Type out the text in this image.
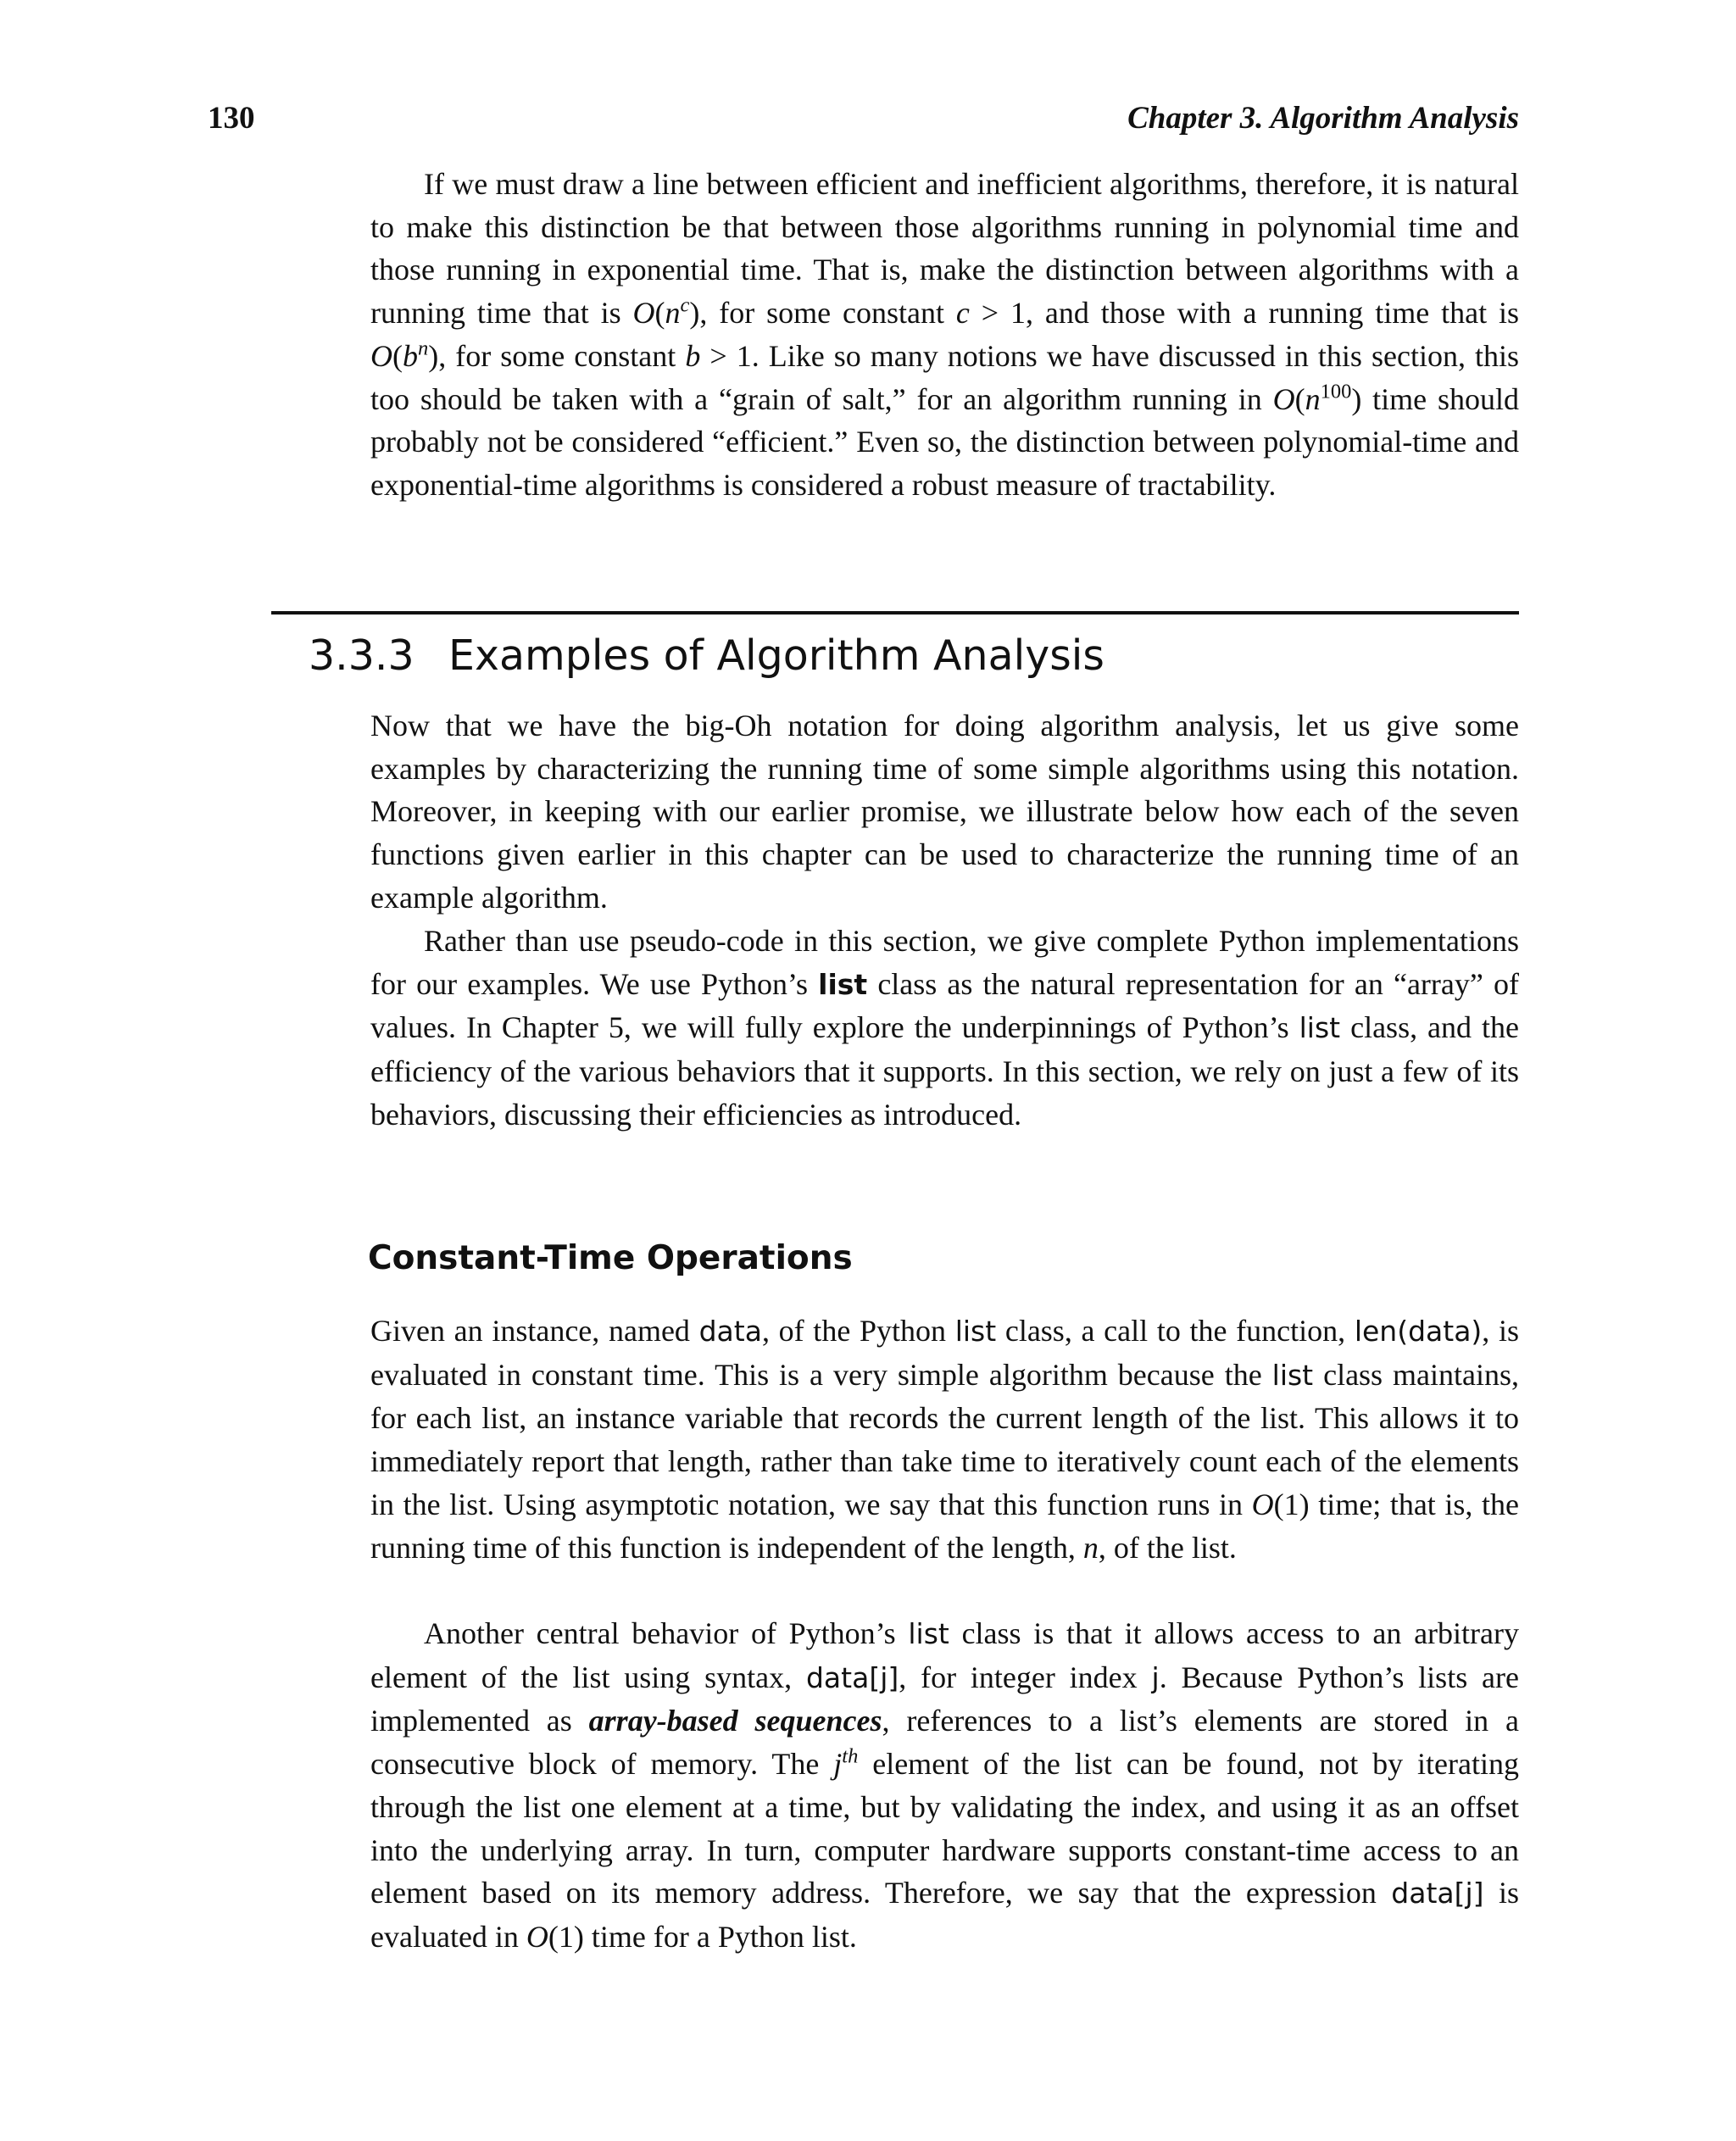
130	Chapter 3. Algorithm Analysis

If we must draw a line between efficient and inefficient algorithms, therefore, it is natural to make this distinction be that between those algorithms running in polynomial time and those running in exponential time. That is, make the distinction between algorithms with a running time that is $O(n^c)$, for some constant c > 1, and those with a running time that is $O(b^n)$, for some constant b > 1. Like so many notions we have discussed in this section, this too should be taken with a “grain of salt,” for an algorithm running in $O(n^{100})$ time should probably not be considered “efficient.” Even so, the distinction between polynomial-time and exponential-time algorithms is considered a robust measure of tractability.

3.3.3 Examples of Algorithm Analysis

Now that we have the big-Oh notation for doing algorithm analysis, let us give some examples by characterizing the running time of some simple algorithms using this notation. Moreover, in keeping with our earlier promise, we illustrate below how each of the seven functions given earlier in this chapter can be used to characterize the running time of an example algorithm.

Rather than use pseudo-code in this section, we give complete Python implementations for our examples. We use Python’s list class as the natural representation for an “array” of values. In Chapter 5, we will fully explore the underpinnings of Python’s list class, and the efficiency of the various behaviors that it supports. In this section, we rely on just a few of its behaviors, discussing their efficiencies as introduced.

Constant-Time Operations

Given an instance, named data, of the Python list class, a call to the function, len(data), is evaluated in constant time. This is a very simple algorithm because the list class maintains, for each list, an instance variable that records the current length of the list. This allows it to immediately report that length, rather than take time to iteratively count each of the elements in the list. Using asymptotic notation, we say that this function runs in O(1) time; that is, the running time of this function is independent of the length, n, of the list.

Another central behavior of Python’s list class is that it allows access to an arbitrary element of the list using syntax, data[j], for integer index j. Because Python’s lists are implemented as array-based sequences, references to a list’s elements are stored in a consecutive block of memory. The $j^{th}$ element of the list can be found, not by iterating through the list one element at a time, but by validating the index, and using it as an offset into the underlying array. In turn, computer hardware supports constant-time access to an element based on its memory address. Therefore, we say that the expression data[j] is evaluated in O(1) time for a Python list.
